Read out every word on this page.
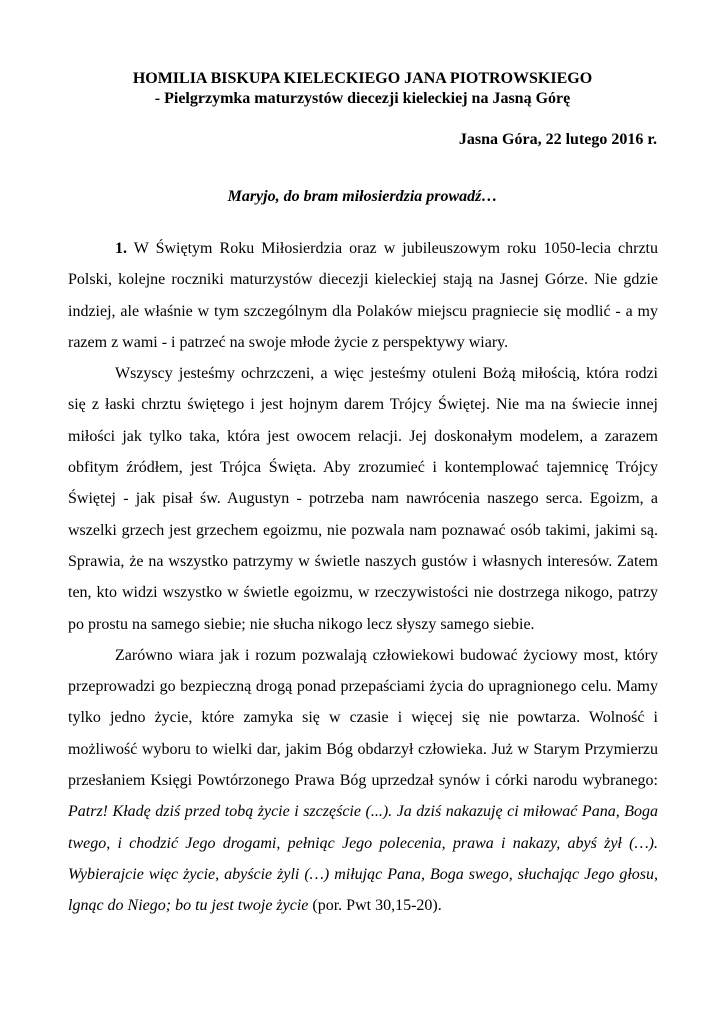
HOMILIA BISKUPA KIELECKIEGO JANA PIOTROWSKIEGO
- Pielgrzymka maturzystów diecezji kieleckiej na Jasną Górę
Jasna Góra, 22 lutego 2016 r.
Maryjo, do bram miłosierdzia prowadź…

1. W Świętym Roku Miłosierdzia oraz w jubileuszowym roku 1050-lecia chrztu Polski, kolejne roczniki maturzystów diecezji kieleckiej stają na Jasnej Górze. Nie gdzie indziej, ale właśnie w tym szczególnym dla Polaków miejscu pragniecie się modlić - a my razem z wami - i patrzeć na swoje młode życie z perspektywy wiary.

Wszyscy jesteśmy ochrzczeni, a więc jesteśmy otuleni Bożą miłością, która rodzi się z łaski chrztu świętego i jest hojnym darem Trójcy Świętej. Nie ma na świecie innej miłości jak tylko taka, która jest owocem relacji. Jej doskonałym modelem, a zarazem obfitym źródłem, jest Trójca Święta. Aby zrozumieć i kontemplować tajemnicę Trójcy Świętej - jak pisał św. Augustyn - potrzeba nam nawrócenia naszego serca. Egoizm, a wszelki grzech jest grzechem egoizmu, nie pozwala nam poznawać osób takimi, jakimi są. Sprawia, że na wszystko patrzymy w świetle naszych gustów i własnych interesów. Zatem ten, kto widzi wszystko w świetle egoizmu, w rzeczywistości nie dostrzega nikogo, patrzy po prostu na samego siebie; nie słucha nikogo lecz słyszy samego siebie.

Zarówno wiara jak i rozum pozwalają człowiekowi budować życiowy most, który przeprowadzi go bezpieczną drogą ponad przepaściami życia do upragnionego celu. Mamy tylko jedno życie, które zamyka się w czasie i więcej się nie powtarza. Wolność i możliwość wyboru to wielki dar, jakim Bóg obdarzył człowieka. Już w Starym Przymierzu przesłaniem Księgi Powtórzonego Prawa Bóg uprzedzał synów i córki narodu wybranego: Patrz! Kładę dziś przed tobą życie i szczęście (...). Ja dziś nakazuję ci miłować Pana, Boga twego, i chodzić Jego drogami, pełniąc Jego polecenia, prawa i nakazy, abyś żył (…). Wybierajcie więc życie, abyście żyli (…) miłując Pana, Boga swego, słuchając Jego głosu, lgnąc do Niego; bo tu jest twoje życie (por. Pwt 30,15-20).
